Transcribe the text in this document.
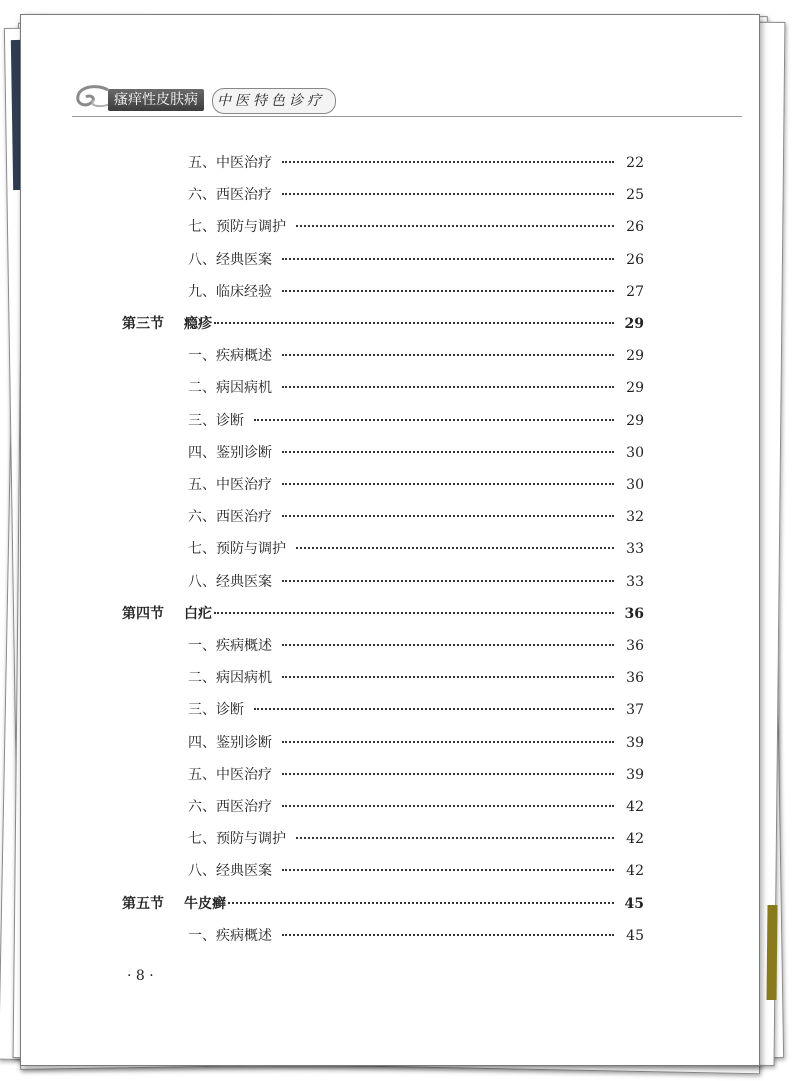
瘙痒性皮肤病	中医特色诊疗
五、中医治疗	22
六、西医治疗	25
七、预防与调护	26
八、经典医案	26
九、临床经验	27
第三节	瘾疹	29
一、疾病概述	29
二、病因病机	29
三、诊断	29
四、鉴别诊断	30
五、中医治疗	30
六、西医治疗	32
七、预防与调护	33
八、经典医案	33
第四节	白疕	36
一、疾病概述	36
二、病因病机	36
三、诊断	37
四、鉴别诊断	39
五、中医治疗	39
六、西医治疗	42
七、预防与调护	42
八、经典医案	42
第五节	牛皮癣	45
一、疾病概述	45
· 8 ·
